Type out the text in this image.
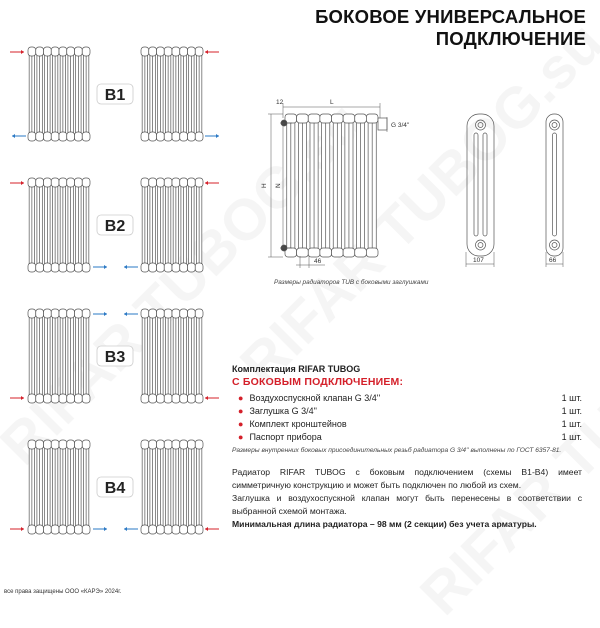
БОКОВОЕ УНИВЕРСАЛЬНОЕ
ПОДКЛЮЧЕНИЕ
B1
B2
B3
B4
12	L
H N
46
G 3/4''
107	66
Размеры радиаторов TUB с боковыми заглушками
Комплектация RIFAR TUBOG
С БОКОВЫМ ПОДКЛЮЧЕНИЕМ:
● Воздухоспускной клапан G 3/4''	1 шт.
● Заглушка G 3/4''	1 шт.
● Комплект кронштейнов	1 шт.
● Паспорт прибора	1 шт.
Размеры внутренних боковых присоединительных резьб радиатора G 3/4'' выполнены по ГОСТ 6357-81.
Радиатор RIFAR TUBOG с боковым подключением (схемы B1-B4) имеет симметричную конструкцию и может быть подключен по любой из схем.
Заглушка и воздухоспускной клапан могут быть перенесены в соответствии с выбранной схемой монтажа.
Минимальная длина радиатора – 98 мм (2 секции) без учета арматуры.
все права защищены ООО «КАРЭ» 2024г.
